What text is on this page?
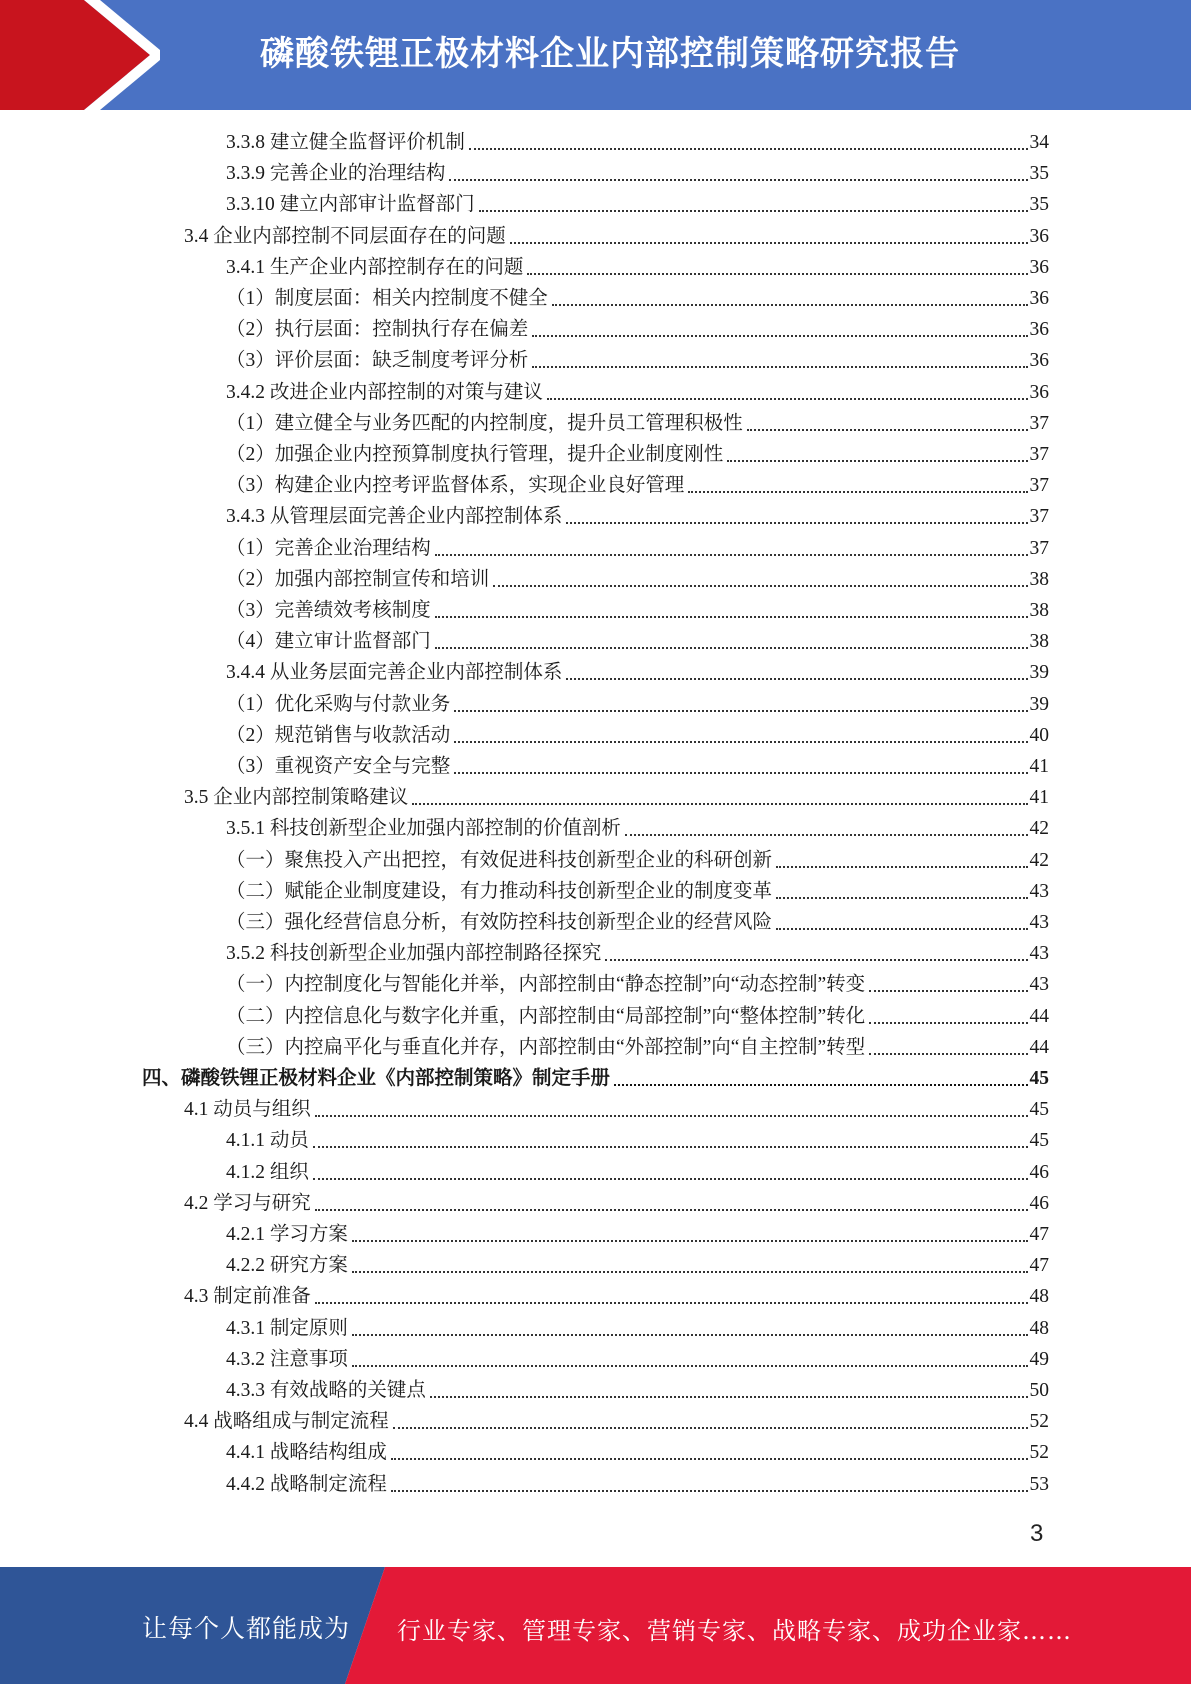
磷酸铁锂正极材料企业内部控制策略研究报告
3.3.8 建立健全监督评价机制	34
3.3.9 完善企业的治理结构	35
3.3.10 建立内部审计监督部门	35
3.4 企业内部控制不同层面存在的问题	36
3.4.1 生产企业内部控制存在的问题	36
（1）制度层面：相关内控制度不健全	36
（2）执行层面：控制执行存在偏差	36
（3）评价层面：缺乏制度考评分析	36
3.4.2 改进企业内部控制的对策与建议	36
（1）建立健全与业务匹配的内控制度，提升员工管理积极性	37
（2）加强企业内控预算制度执行管理，提升企业制度刚性	37
（3）构建企业内控考评监督体系，实现企业良好管理	37
3.4.3 从管理层面完善企业内部控制体系	37
（1）完善企业治理结构	37
（2）加强内部控制宣传和培训	38
（3）完善绩效考核制度	38
（4）建立审计监督部门	38
3.4.4 从业务层面完善企业内部控制体系	39
（1）优化采购与付款业务	39
（2）规范销售与收款活动	40
（3）重视资产安全与完整	41
3.5 企业内部控制策略建议	41
3.5.1 科技创新型企业加强内部控制的价值剖析	42
（一）聚焦投入产出把控，有效促进科技创新型企业的科研创新	42
（二）赋能企业制度建设，有力推动科技创新型企业的制度变革	43
（三）强化经营信息分析，有效防控科技创新型企业的经营风险	43
3.5.2 科技创新型企业加强内部控制路径探究	43
（一）内控制度化与智能化并举，内部控制由“静态控制”向“动态控制”转变	43
（二）内控信息化与数字化并重，内部控制由“局部控制”向“整体控制”转化	44
（三）内控扁平化与垂直化并存，内部控制由“外部控制”向“自主控制”转型	44
四、磷酸铁锂正极材料企业《内部控制策略》制定手册	45
4.1 动员与组织	45
4.1.1 动员	45
4.1.2 组织	46
4.2 学习与研究	46
4.2.1 学习方案	47
4.2.2 研究方案	47
4.3 制定前准备	48
4.3.1 制定原则	48
4.3.2 注意事项	49
4.3.3 有效战略的关键点	50
4.4 战略组成与制定流程	52
4.4.1 战略结构组成	52
4.4.2 战略制定流程	53
3
让每个人都能成为 行业专家、管理专家、营销专家、战略专家、成功企业家……
